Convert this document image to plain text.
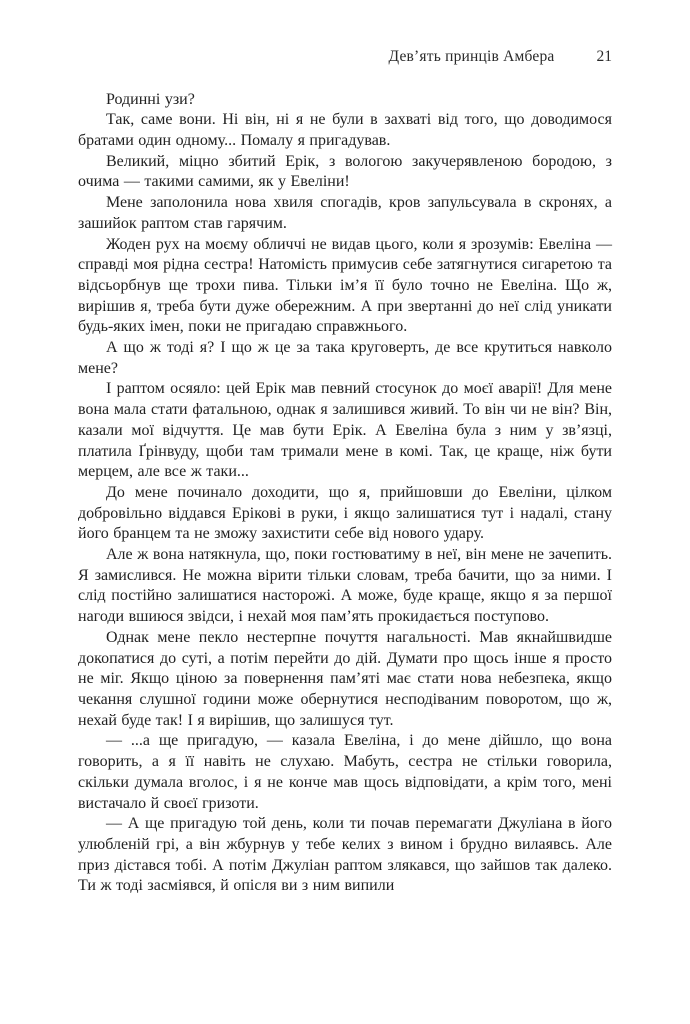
Дев’ять принців Амбера	21

Родинні узи?

Так, саме вони. Ні він, ні я не були в захваті від того, що доводимося братами один одному... Помалу я пригадував.

Великий, міцно збитий Ерік, з вологою закучерявленою бородою, з очима — такими самими, як у Евеліни!

Мене заполонила нова хвиля спогадів, кров запульсувала в скронях, а зашийок раптом став гарячим.

Жоден рух на моєму обличчі не видав цього, коли я зрозумів: Евеліна — справді моя рідна сестра! Натомість примусив себе затягнутися сигаретою та відсьорбнув ще трохи пива. Тільки ім’я її було точно не Евеліна. Що ж, вирішив я, треба бути дуже обережним. А при звертанні до неї слід уникати будь-яких імен, поки не пригадаю справжнього.

А що ж тоді я? І що ж це за така круговерть, де все крутиться навколо мене?

І раптом осяяло: цей Ерік мав певний стосунок до моєї аварії! Для мене вона мала стати фатальною, однак я залишився живий. То він чи не він? Він, казали мої відчуття. Це мав бути Ерік. А Евеліна була з ним у зв’язці, платила Ґрінвуду, щоби там тримали мене в комі. Так, це краще, ніж бути мерцем, але все ж таки...

До мене починало доходити, що я, прийшовши до Евеліни, цілком добровільно віддався Ерікові в руки, і якщо залишатися тут і надалі, стану його бранцем та не зможу захистити себе від нового удару.

Але ж вона натякнула, що, поки гостюватиму в неї, він мене не зачепить. Я замислився. Не можна вірити тільки словам, треба бачити, що за ними. І слід постійно залишатися насторожі. А може, буде краще, якщо я за першої нагоди вшиюся звідси, і нехай моя пам’ять прокидається поступово.

Однак мене пекло нестерпне почуття нагальності. Мав якнайшвидше докопатися до суті, а потім перейти до дій. Думати про щось інше я просто не міг. Якщо ціною за повернення пам’яті має стати нова небезпека, якщо чекання слушної години може обернутися несподіваним поворотом, що ж, нехай буде так! І я вирішив, що залишуся тут.

— ...а ще пригадую, — казала Евеліна, і до мене дійшло, що вона говорить, а я її навіть не слухаю. Мабуть, сестра не стільки говорила, скільки думала вголос, і я не конче мав щось відповідати, а крім того, мені вистачало й своєї гризоти.

— А ще пригадую той день, коли ти почав перемагати Джуліана в його улюбленій грі, а він жбурнув у тебе келих з вином і брудно вилаявсь. Але приз дістався тобі. А потім Джуліан раптом злякався, що зайшов так далеко. Ти ж тоді засміявся, й опісля ви з ним випили
